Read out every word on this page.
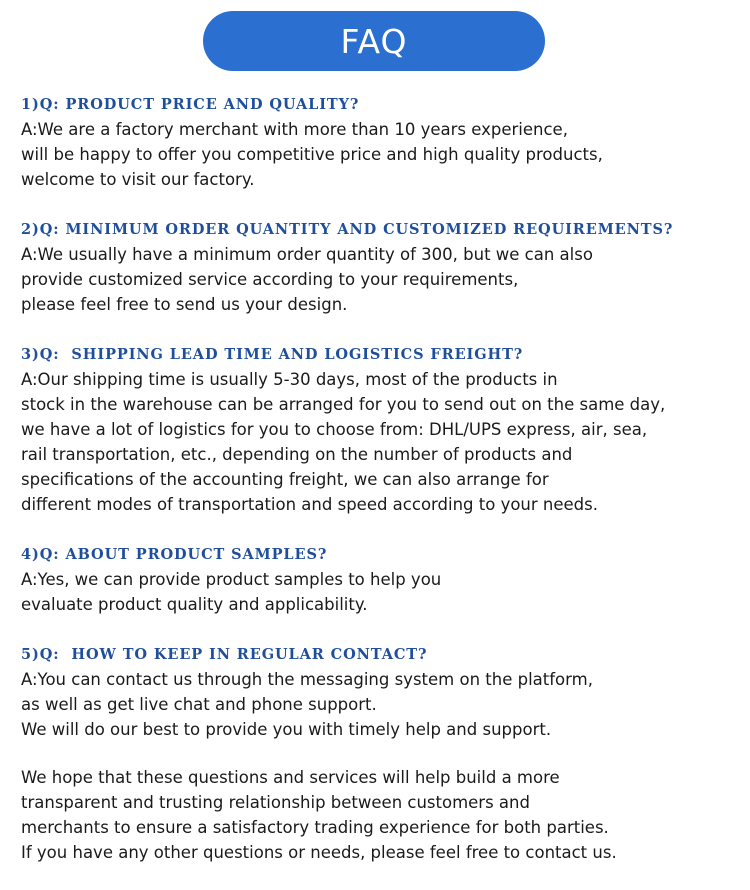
FAQ
1)Q: PRODUCT PRICE AND QUALITY?
A:We are a factory merchant with more than 10 years experience,
will be happy to offer you competitive price and high quality products,
welcome to visit our factory.
2)Q: MINIMUM ORDER QUANTITY AND CUSTOMIZED REQUIREMENTS?
A:We usually have a minimum order quantity of 300, but we can also
provide customized service according to your requirements,
please feel free to send us your design.
3)Q:  SHIPPING LEAD TIME AND LOGISTICS FREIGHT?
A:Our shipping time is usually 5-30 days, most of the products in
stock in the warehouse can be arranged for you to send out on the same day,
we have a lot of logistics for you to choose from: DHL/UPS express, air, sea,
rail transportation, etc., depending on the number of products and
specifications of the accounting freight, we can also arrange for
different modes of transportation and speed according to your needs.
4)Q: ABOUT PRODUCT SAMPLES?
A:Yes, we can provide product samples to help you
evaluate product quality and applicability.
5)Q:  HOW TO KEEP IN REGULAR CONTACT?
A:You can contact us through the messaging system on the platform,
as well as get live chat and phone support.
We will do our best to provide you with timely help and support.
We hope that these questions and services will help build a more
transparent and trusting relationship between customers and
merchants to ensure a satisfactory trading experience for both parties.
If you have any other questions or needs, please feel free to contact us.
